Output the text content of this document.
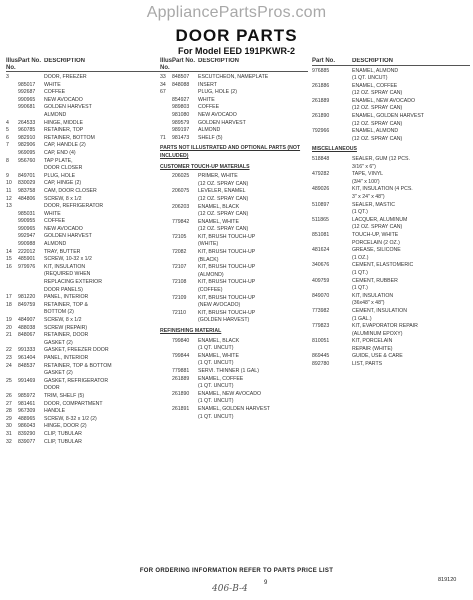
AppliancePartsPros.com
DOOR PARTS
For Model EED 191PKWR-2
Illus. No.
Part No. DESCRIPTION
3	DOOR, FREEZER
985017	WHITE
992687	COFFEE
990965	NEW AVOCADO
990681	GOLDEN HARVEST
ALMOND
4	264533	HINGE, MIDDLE
5	960785	RETAINER, TOP
6	982910	RETAINER, BOTTOM
7	982906	CAP, HANDLE (2)
969095	CAP, END (4)
8	956760	TAP PLATE,
DOOR CLOSER
9	849701	PLUG, HOLE
10	830029	CAP, HINGE (2)
11	983758	CAM, DOOR CLOSER
12	484806	SCREW, 8 x 1/2
13	DOOR, REFRIGERATOR
985031	WHITE
990955	COFFEE
990965	NEW AVOCADO
992947	GOLDEN HARVEST
990988	ALMOND
14	222012	TRAY, BUTTER
15	485901	SCREW, 10-32 x 1/2
16	979976	KIT, INSULATION
(REQUIRED WHEN
REPLACING EXTERIOR
DOOR PANELS)
17	981220	PANEL, INTERIOR
18	849759	RETAINER, TOP &
BOTTOM (2)
19	484907	SCREW, 8 x 1/2
20	488038	SCREW (REPAIR)
21	848067	RETAINER, DOOR
GASKET (2)
22	991333	GASKET, FREEZER DOOR
23	961404	PANEL, INTERIOR
24	848537	RETAINER, TOP & BOTTOM
GASKET (2)
25	991469	GASKET, REFRIGERATOR
DOOR
26	985972	TRIM, SHELF (5)
27	981461	DOOR, COMPARTMENT
28	967309	HANDLE
29	488965	SCREW, 8-32 x 1/2 (2)
30	986043	HINGE, DOOR (2)
31	839290	CLIP, TUBULAR
32	839077	CLIP, TUBULAR
Illus. No.
Part No. DESCRIPTION
33	848507	ESCUTCHEON, NAMEPLATE
34	848088	INSERT
67	PLUG, HOLE (2)
854927	WHITE
989803	COFFEE
981080	NEW AVOCADO
989579	GOLDEN HARVEST
989197	ALMOND
71	981473	SHELF (5)
PARTS NOT ILLUSTRATED AND OPTIONAL PARTS (NOT INCLUDED)
CUSTOMER TOUCH-UP MATERIALS
206025	PRIMER, WHITE
(12 OZ. SPRAY CAN)
206075	LEVELER, ENAMEL
(12 OZ. SPRAY CAN)
206203	ENAMEL, BLACK
(12 OZ. SPRAY CAN)
779842	ENAMEL, WHITE
(12 OZ. SPRAY CAN)
72105	KIT, BRUSH TOUCH-UP
(WHITE)
72082	KIT, BRUSH TOUCH-UP
(BLACK)
72107	KIT, BRUSH TOUCH-UP
(ALMOND)
72108	KIT, BRUSH TOUCH-UP
(COFFEE)
72109	KIT, BRUSH TOUCH-UP
(NEW AVOCADO)
72110	KIT, BRUSH TOUCH-UP
(GOLDEN HARVEST)
REFINISHING MATERIAL
799840	ENAMEL, BLACK
(1 QT. UNCUT)
799844	ENAMEL, WHITE
(1 QT. UNCUT)
779881	SERVI. THINNER (1 GAL)
261889	ENAMEL, COFFEE
(1 QT. UNCUT)
261890	ENAMEL, NEW AVOCADO
(1 QT. UNCUT)
261891	ENAMEL, GOLDEN HARVEST
(1 QT. UNCUT)
Part No.	DESCRIPTION
976885	ENAMEL, ALMOND
(1 QT. UNCUT)
261886	ENAMEL, COFFEE
(12 OZ. SPRAY CAN)
261889	ENAMEL, NEW AVOCADO
(12 OZ. SPRAY CAN)
261890	ENAMEL, GOLDEN HARVEST
(12 OZ. SPRAY CAN)
792966	ENAMEL, ALMOND
(12 OZ. SPRAY CAN)
MISCELLANEOUS
518848	SEALER, GUM (12 PCS.
3/16" x 6")
479282	TAPE, VINYL
(3/4" x 100')
489026	KIT, INSULATION (4 PCS.
3" x 24" x 48")
510897	SEALER, MASTIC
(1 QT.)
511865	LACQUER, ALUMINUM
(12 OZ. SPRAY CAN)
851081	TOUCH-UP, WHITE
PORCELAIN (2 OZ.)
481624	GREASE, SILICONE
(1 OZ.)
340676	CEMENT, ELASTOMERIC
(1 QT.)
409759	CEMENT, RUBBER
(1 QT.)
849070	KIT, INSULATION
(36x48" x 48")
773982	CEMENT, INSULATION
(1 GAL.)
779823	KIT, EVAPORATOR REPAIR
(ALUMINUM EPOXY)
810051	KIT, PORCELAIN
REPAIR (WHITE)
869445	GUIDE, USE & CARE
892780	LIST, PARTS
FOR ORDERING INFORMATION REFER TO PARTS PRICE LIST
9	819120
406-B-4
